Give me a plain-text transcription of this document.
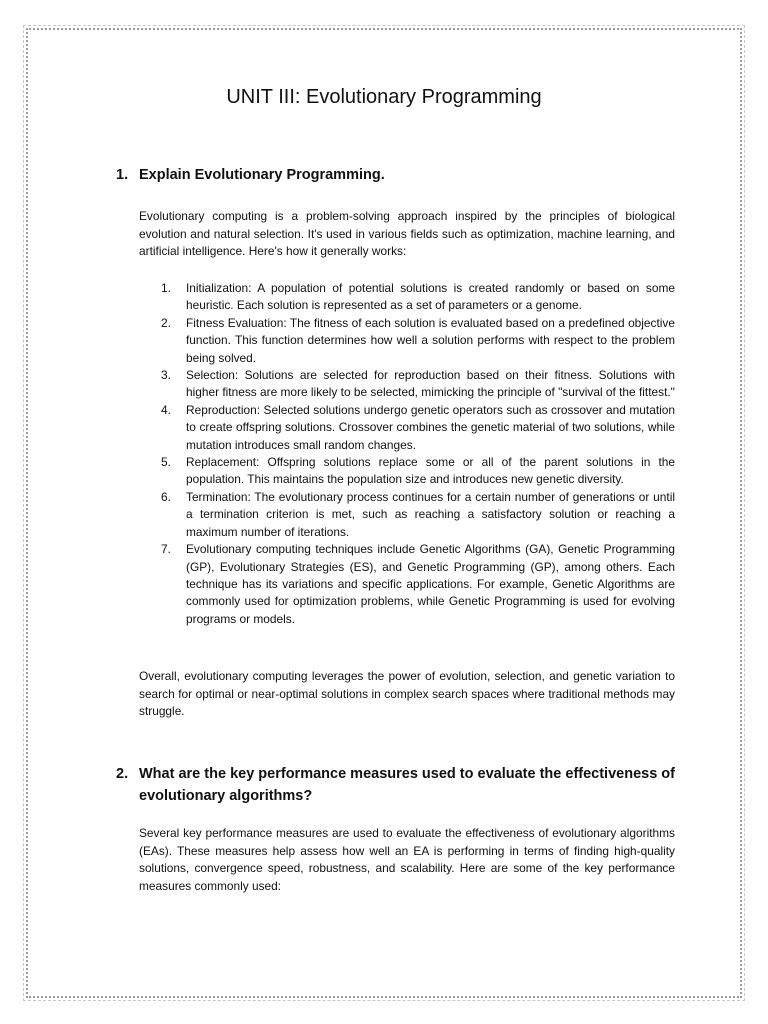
UNIT III: Evolutionary Programming
1. Explain Evolutionary Programming.

Evolutionary computing is a problem-solving approach inspired by the principles of biological evolution and natural selection. It's used in various fields such as optimization, machine learning, and artificial intelligence. Here's how it generally works:

1.	Initialization: A population of potential solutions is created randomly or based on some heuristic. Each solution is represented as a set of parameters or a genome.
2.	Fitness Evaluation: The fitness of each solution is evaluated based on a predefined objective function. This function determines how well a solution performs with respect to the problem being solved.
3.	Selection: Solutions are selected for reproduction based on their fitness. Solutions with higher fitness are more likely to be selected, mimicking the principle of "survival of the fittest."
4.	Reproduction: Selected solutions undergo genetic operators such as crossover and mutation to create offspring solutions. Crossover combines the genetic material of two solutions, while mutation introduces small random changes.
5.	Replacement: Offspring solutions replace some or all of the parent solutions in the population. This maintains the population size and introduces new genetic diversity.
6.	Termination: The evolutionary process continues for a certain number of generations or until a termination criterion is met, such as reaching a satisfactory solution or reaching a maximum number of iterations.
7.	Evolutionary computing techniques include Genetic Algorithms (GA), Genetic Programming (GP), Evolutionary Strategies (ES), and Genetic Programming (GP), among others. Each technique has its variations and specific applications. For example, Genetic Algorithms are commonly used for optimization problems, while Genetic Programming is used for evolving programs or models.

Overall, evolutionary computing leverages the power of evolution, selection, and genetic variation to search for optimal or near-optimal solutions in complex search spaces where traditional methods may struggle.

2. What are the key performance measures used to evaluate the effectiveness of evolutionary algorithms?

Several key performance measures are used to evaluate the effectiveness of evolutionary algorithms (EAs). These measures help assess how well an EA is performing in terms of finding high-quality solutions, convergence speed, robustness, and scalability. Here are some of the key performance measures commonly used:
